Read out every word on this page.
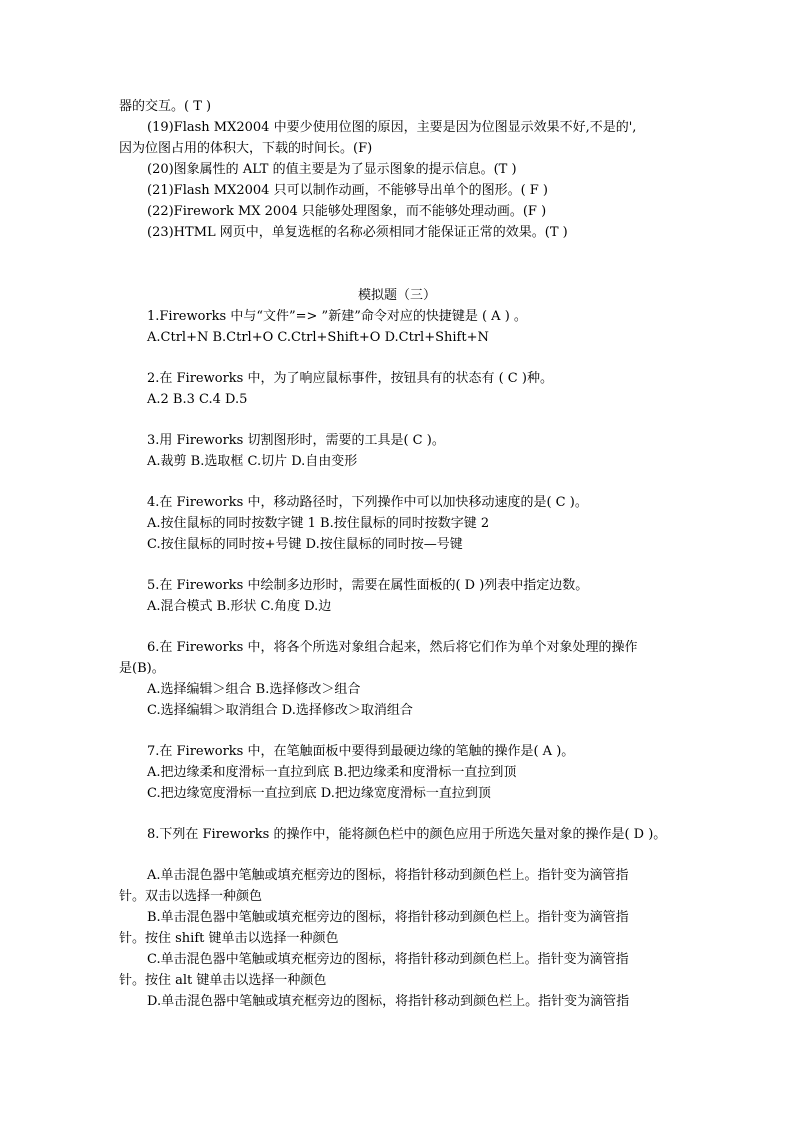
器的交互。( T )
(19)Flash MX2004 中要少使用位图的原因，主要是因为位图显示效果不好,不是的',
因为位图占用的体积大，下载的时间长。(F)
(20)图象属性的 ALT 的值主要是为了显示图象的提示信息。(T )
(21)Flash MX2004 只可以制作动画，不能够导出单个的图形。( F )
(22)Firework MX 2004 只能够处理图象，而不能够处理动画。(F )
(23)HTML 网页中，单复选框的名称必须相同才能保证正常的效果。(T )
模拟题（三）
1.Fireworks 中与“文件”=> ”新建”命令对应的快捷键是 ( A ) 。
A.Ctrl+N B.Ctrl+O C.Ctrl+Shift+O D.Ctrl+Shift+N
2.在 Fireworks 中，为了响应鼠标事件，按钮具有的状态有 ( C )种。
A.2 B.3 C.4 D.5
3.用 Fireworks 切割图形时，需要的工具是( C )。
A.裁剪 B.选取框 C.切片 D.自由变形
4.在 Fireworks 中，移动路径时，下列操作中可以加快移动速度的是( C )。
A.按住鼠标的同时按数字键 1 B.按住鼠标的同时按数字键 2
C.按住鼠标的同时按+号键 D.按住鼠标的同时按—号键
5.在 Fireworks 中绘制多边形时，需要在属性面板的( D )列表中指定边数。
A.混合模式 B.形状 C.角度 D.边
6.在 Fireworks 中，将各个所选对象组合起来，然后将它们作为单个对象处理的操作
是(B)。
A.选择编辑＞组合 B.选择修改＞组合
C.选择编辑＞取消组合 D.选择修改＞取消组合
7.在 Fireworks 中，在笔触面板中要得到最硬边缘的笔触的操作是( A )。
A.把边缘柔和度滑标一直拉到底 B.把边缘柔和度滑标一直拉到顶
C.把边缘宽度滑标一直拉到底 D.把边缘宽度滑标一直拉到顶
8.下列在 Fireworks 的操作中，能将颜色栏中的颜色应用于所选矢量对象的操作是( D )。
A.单击混色器中笔触或填充框旁边的图标，将指针移动到颜色栏上。指针变为滴管指
针。双击以选择一种颜色
B.单击混色器中笔触或填充框旁边的图标，将指针移动到颜色栏上。指针变为滴管指
针。按住 shift 键单击以选择一种颜色
C.单击混色器中笔触或填充框旁边的图标，将指针移动到颜色栏上。指针变为滴管指
针。按住 alt 键单击以选择一种颜色
D.单击混色器中笔触或填充框旁边的图标，将指针移动到颜色栏上。指针变为滴管指
